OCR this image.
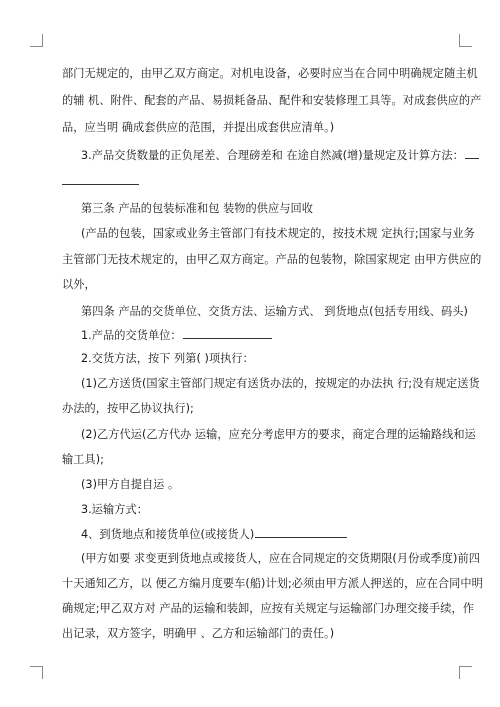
部门无规定的，由甲乙双方商定。对机电设备，必要时应当在合同中明确规定随主机
的辅 机、附件、配套的产品、易损耗备品、配件和安装修理工具等。对成套供应的产
品，应当明 确成套供应的范围，并提出成套供应清单。)
3.产品交货数量的正负尾差、合理磅差和 在途自然减(增)量规定及计算方法：
第三条 产品的包装标准和包 装物的供应与回收
(产品的包装，国家或业务主管部门有技术规定的，按技术规 定执行;国家与业务
主管部门无技术规定的，由甲乙双方商定。产品的包装物，除国家规定 由甲方供应的
以外，
第四条 产品的交货单位、交货方法、运输方式、 到货地点(包括专用线、码头)
1.产品的交货单位：
2.交货方法，按下 列第( )项执行：
(1)乙方送货(国家主管部门规定有送货办法的，按规定的办法执 行;没有规定送货
办法的，按甲乙协议执行);
(2)乙方代运(乙方代办 运输，应充分考虑甲方的要求，商定合理的运输路线和运
输工具);
(3)甲方自提自运 。
3.运输方式：
4、到货地点和接货单位(或接货人)
(甲方如要 求变更到货地点或接货人，应在合同规定的交货期限(月份或季度)前四
十天通知乙方，以 便乙方编月度要车(船)计划;必须由甲方派人押送的，应在合同中明
确规定;甲乙双方对 产品的运输和装卸，应按有关规定与运输部门办理交接手续，作
出记录，双方签字，明确甲 、乙方和运输部门的责任。)
